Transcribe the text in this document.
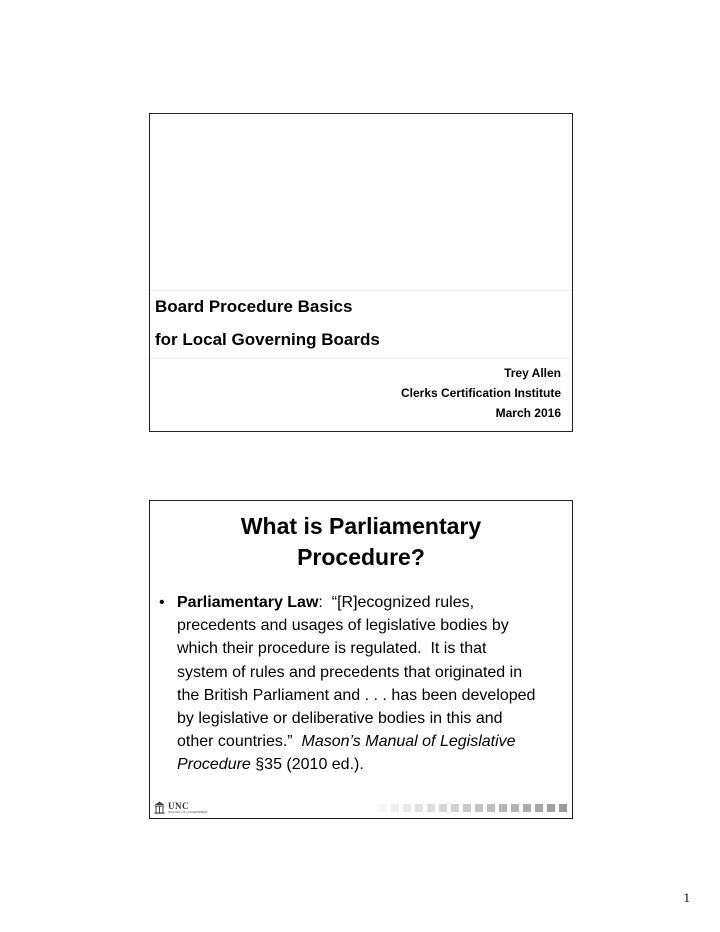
Board Procedure Basics
for Local Governing Boards
Trey Allen
Clerks Certification Institute
March 2016
What is Parliamentary
Procedure?
• Parliamentary Law:  “[R]ecognized rules, precedents and usages of legislative bodies by which their procedure is regulated.  It is that system of rules and precedents that originated in the British Parliament and . . . has been developed by legislative or deliberative bodies in this and other countries.”  Mason’s Manual of Legislative Procedure §35 (2010 ed.).
UNC
SCHOOL OF GOVERNMENT
1
